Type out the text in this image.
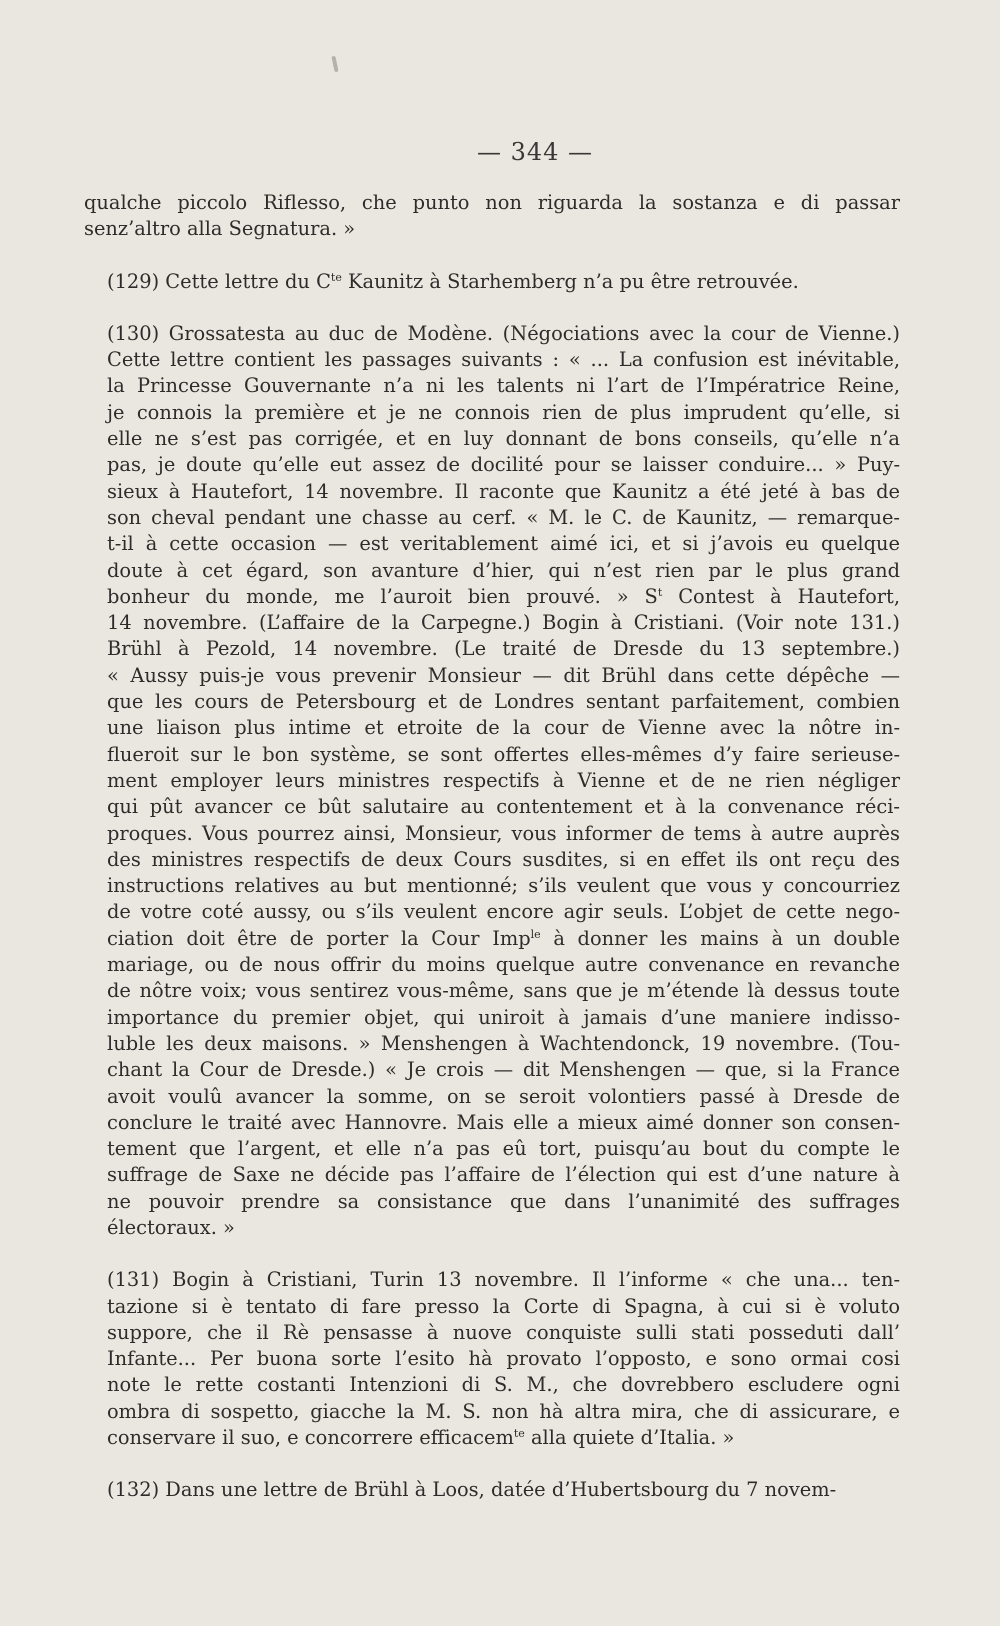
— 344 —
qualche piccolo Riflesso, che punto non riguarda la sostanza e di passar
senz’altro alla Segnatura. »
(129) Cette lettre du $C^{te}$ Kaunitz à Starhemberg n’a pu être retrouvée.
(130) Grossatesta au duc de Modène. (Négociations avec la cour de Vienne.)
Cette lettre contient les passages suivants : « ... La confusion est inévitable,
la Princesse Gouvernante n’a ni les talents ni l’art de l’Impératrice Reine,
je connois la première et je ne connois rien de plus imprudent qu’elle, si
elle ne s’est pas corrigée, et en luy donnant de bons conseils, qu’elle n’a
pas, je doute qu’elle eut assez de docilité pour se laisser conduire... » Puy-
sieux à Hautefort, 14 novembre. Il raconte que Kaunitz a été jeté à bas de
son cheval pendant une chasse au cerf. « M. le C. de Kaunitz, — remarque-
t-il à cette occasion — est veritablement aimé ici, et si j’avois eu quelque
doute à cet égard, son avanture d’hier, qui n’est rien par le plus grand
bonheur du monde, me l’auroit bien prouvé. » $S^t$ Contest à Hautefort,
14 novembre. (L’affaire de la Carpegne.) Bogin à Cristiani. (Voir note 131.)
Brühl à Pezold, 14 novembre. (Le traité de Dresde du 13 septembre.)
« Aussy puis-je vous prevenir Monsieur — dit Brühl dans cette dépêche —
que les cours de Petersbourg et de Londres sentant parfaitement, combien
une liaison plus intime et etroite de la cour de Vienne avec la nôtre in-
flueroit sur le bon système, se sont offertes elles-mêmes d’y faire serieuse-
ment employer leurs ministres respectifs à Vienne et de ne rien négliger
qui pût avancer ce bût salutaire au contentement et à la convenance réci-
proques. Vous pourrez ainsi, Monsieur, vous informer de tems à autre auprès
des ministres respectifs de deux Cours susdites, si en effet ils ont reçu des
instructions relatives au but mentionné; s’ils veulent que vous y concourriez
de votre coté aussy, ou s’ils veulent encore agir seuls. L’objet de cette nego-
ciation doit être de porter la Cour Imp$^{le}$ à donner les mains à un double
mariage, ou de nous offrir du moins quelque autre convenance en revanche
de nôtre voix; vous sentirez vous-même, sans que je m’étende là dessus toute
importance du premier objet, qui uniroit à jamais d’une maniere indisso-
luble les deux maisons. » Menshengen à Wachtendonck, 19 novembre. (Tou-
chant la Cour de Dresde.) « Je crois — dit Menshengen — que, si la France
avoit voulû avancer la somme, on se seroit volontiers passé à Dresde de
conclure le traité avec Hannovre. Mais elle a mieux aimé donner son consen-
tement que l’argent, et elle n’a pas eû tort, puisqu’au bout du compte le
suffrage de Saxe ne décide pas l’affaire de l’élection qui est d’une nature à
ne pouvoir prendre sa consistance que dans l’unanimité des suffrages
électoraux. »
(131) Bogin à Cristiani, Turin 13 novembre. Il l’informe « che una... ten-
tazione si è tentato di fare presso la Corte di Spagna, à cui si è voluto
suppore, che il Rè pensasse à nuove conquiste sulli stati posseduti dall’
Infante... Per buona sorte l’esito hà provato l’opposto, e sono ormai cosi
note le rette costanti Intenzioni di S. M., che dovrebbero escludere ogni
ombra di sospetto, giacche la M. S. non hà altra mira, che di assicurare, e
conservare il suo, e concorrere efficacem$^{te}$ alla quiete d’Italia. »
(132) Dans une lettre de Brühl à Loos, datée d’Hubertsbourg du 7 novem-
